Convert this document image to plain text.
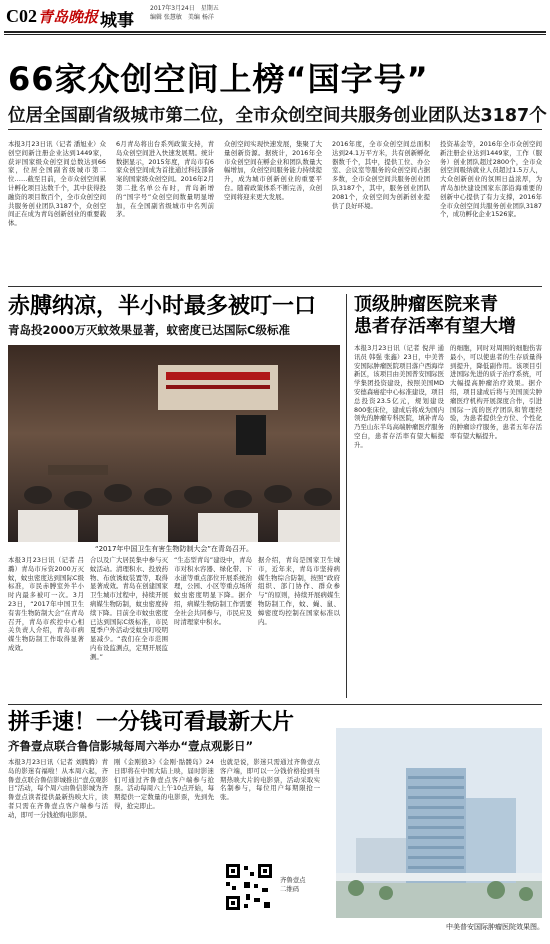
C02 青岛晚报 城事
2017年3月24日　星期五
编辑 张慧敏　美编 杨洋
66家众创空间上榜“国字号”
位居全国副省级城市第二位，全市众创空间共服务创业团队达3187个
本报3月23日讯（记者 潘旭业）众创空间新注册企业达到1449家，获评国家级众创空间总数达到66家，位居全国副省级城市第二位……截至目前，全市众创空间累计孵化项目达数千个，其中获得投融资的项目数百个，全市众创空间共服务创业团队3187个，众创空间正在成为青岛创新创业的重要载体。
6月青岛将出台系列政策支持，青岛众创空间进入快速发展期。统计数据显示，2015年度，青岛市有6家众创空间成为首批通过科技部备案的国家级众创空间。2016年2月第二批名单公布时，青岛新增的“国字号”众创空间数量明显增加，在全国副省级城市中名列前茅。
众创空间实现快速发展，集聚了大量创新资源。据统计，2016年全市众创空间在孵企业和团队数量大幅增加，众创空间服务能力持续提升，成为城市创新创业的重要平台。随着政策体系不断完善，众创空间将迎来更大发展。
2016年度，全市众创空间总面积达到24.1万平方米，共有创新孵化器数千个，其中，提供工位、办公室、会议室等服务的众创空间占据多数，全市众创空间共服务创业团队3187个，其中，服务创业团队2081个，众创空间为创新创业提供了良好环境。
投资基金等，2016年全市众创空间新注册企业达到1449家，工作（服务）创业团队超过2800个，全市众创空间吸纳就业人员超过1.5万人，大众创新创业的氛围日益浓厚，为青岛加快建设国家东部沿海重要的创新中心提供了有力支撑，2016年全市众创空间共服务创业团队3187个，成功孵化企业1526家。
赤膊纳凉，半小时最多被叮一口
青岛投2000万灭蚊效果显著，蚊密度已达国际C级标准
“2017年中国卫生有害生物防制大会”在青岛召开。
本报3月23日讯（记者 吕璐）青岛市斥资2000万灭蚊，蚊虫密度达到国际C级标准，市民赤膊室外半小时内最多被叮一次。3月23日，“2017年中国卫生有害生物防制大会”在青岛召开，青岛市疾控中心相关负责人介绍，青岛市病媒生物防制工作取得显著成效。
合以及广大居民集中参与灭蚊活动。清理积水、投放药物、布放诱蚊装置等，取得显著成效。青岛在创建国家卫生城市过程中，持续开展病媒生物防制，蚊虫密度持续下降。目前全市蚊虫密度已达到国际C级标准，市民夏季户外活动受蚊虫叮咬明显减少。“我们在全市范围内布设监测点，定期开展监测。”
“生态型青岛”建设中，青岛市对积水容器、绿化带、下水道等重点部位开展系统治理，公园、小区等重点场所蚊虫密度明显下降。据介绍，病媒生物防制工作需要全社会共同参与，市民应及时清理家中积水。
据介绍，青岛是国家卫生城市，近年来，青岛市坚持病媒生物综合防制，按照“政府组织、部门协作、群众参与”的原则，持续开展病媒生物防制工作，蚊、蝇、鼠、蟑密度均控制在国家标准以内。
顶级肿瘤医院来青
患者存活率有望大增
本报3月23日讯（记者 倪萍 通讯员 韩强 张鑫）23日，中美普安国际肿瘤医院项目落户西海岸新区，该项目由美国普安国际医学集团投资建设，按照美国MD安德森癌症中心标准建设，项目总投资23.5亿元，规划建设800张床位，建成后将成为国内领先的肿瘤专科医院，填补青岛乃至山东半岛高端肿瘤医疗服务空白，患者存活率有望大幅提升。
的细胞，同时对周围的细胞伤害最小，可以使患者的生存质量得到提升，降低副作用。该项目引进国际先进的质子治疗系统，可大幅提高肿瘤治疗效果。据介绍，项目建成后将与美国顶尖肿瘤医疗机构开展深度合作，引进国际一流的医疗团队和管理经验，为患者提供全方位、个性化的肿瘤诊疗服务，患者五年存活率有望大幅提升。
拼手速！一分钱可看最新大片
齐鲁壹点联合鲁信影城每周六举办“壹点观影日”
本报3月23日讯（记者 刘腾腾）青岛的影迷有福啦！从本周六起，齐鲁壹点联合鲁信影城推出“壹点观影日”活动，每个周六由鲁信影城为齐鲁壹点读者提供最新热映大片，读者只需在齐鲁壹点客户端参与活动，即可一分钱抢购电影票。
刚《金刚狼3》《金刚·骷髅岛》24日即将在中国大陆上映，届时影迷们可通过齐鲁壹点客户端参与抢票。活动每周六上午10点开始，每期提供一定数量的电影票，先到先得，抢完即止。
也就是说，影迷只需通过齐鲁壹点客户端，即可以一分钱价格抢到当期热映大片的电影票，活动采取实名制参与，每位用户每期限抢一张。
齐鲁壹点
二维码
中美普安国际肿瘤医院效果图。
